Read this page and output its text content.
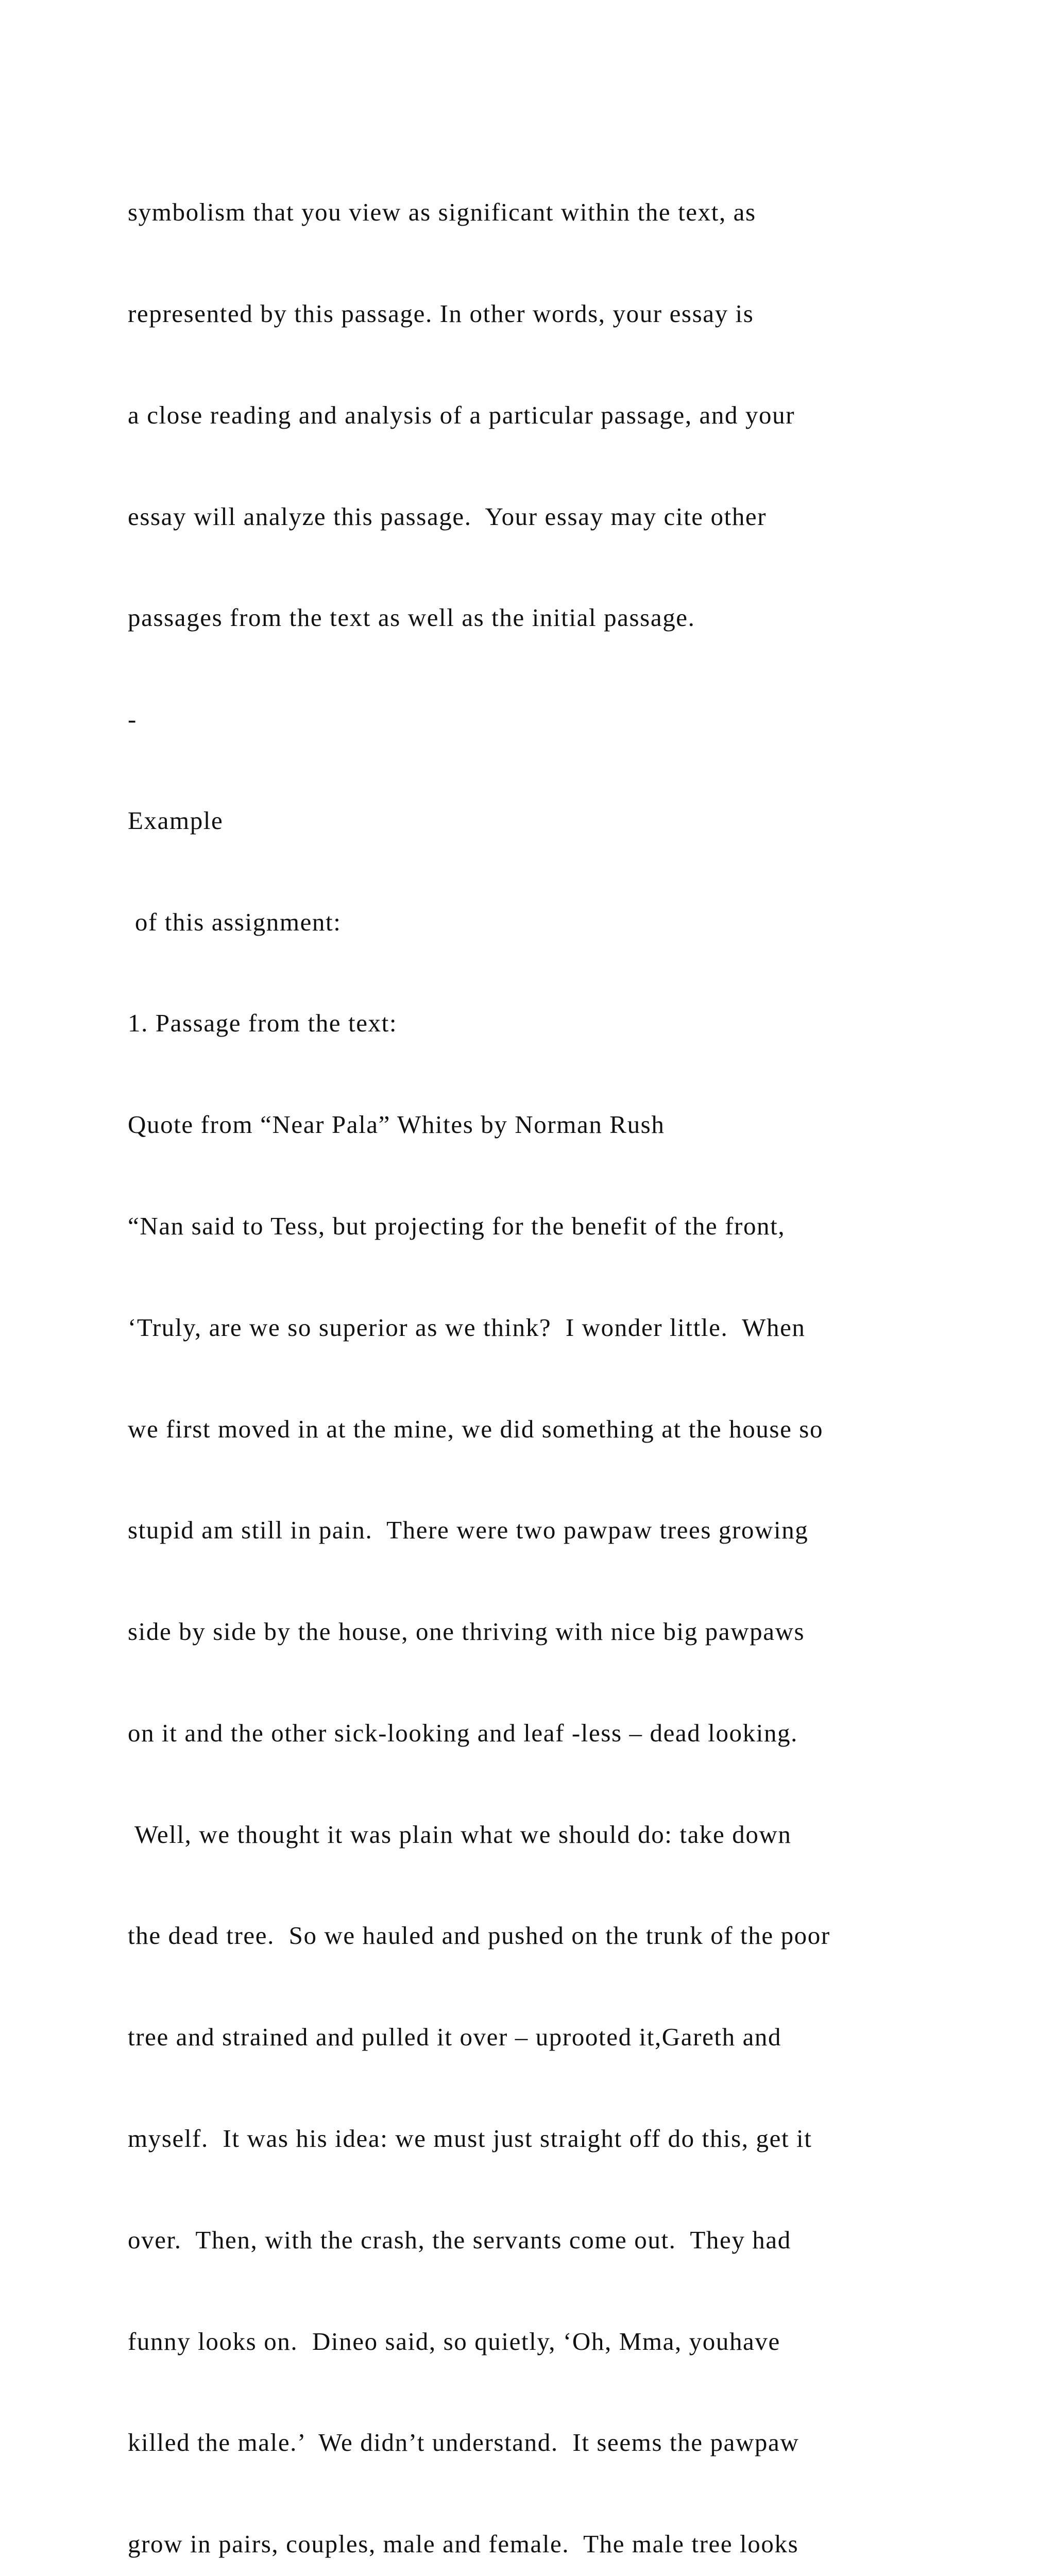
symbolism that you view as significant within the text, as

represented by this passage. In other words, your essay is

a close reading and analysis of a particular passage, and your

essay will analyze this passage.  Your essay may cite other

passages from the text as well as the initial passage.

-

Example

of this assignment:

1. Passage from the text:

Quote from “Near Pala” Whites by Norman Rush

“Nan said to Tess, but projecting for the benefit of the front,

‘Truly, are we so superior as we think?  I wonder little.  When

we first moved in at the mine, we did something at the house so

stupid am still in pain.  There were two pawpaw trees growing

side by side by the house, one thriving with nice big pawpaws

on it and the other sick-looking and leaf -less – dead looking.

Well, we thought it was plain what we should do: take down

the dead tree.  So we hauled and pushed on the trunk of the poor

tree and strained and pulled it over – uprooted it,Gareth and

myself.  It was his idea: we must just straight off do this, get it

over.  Then, with the crash, the servants come out.  They had

funny looks on.  Dineo said, so quietly, ‘Oh, Mma, youhave

killed the male.’  We didn’t understand.  It seems the pawpaw

grow in pairs, couples, male and female.  The male tree looks
